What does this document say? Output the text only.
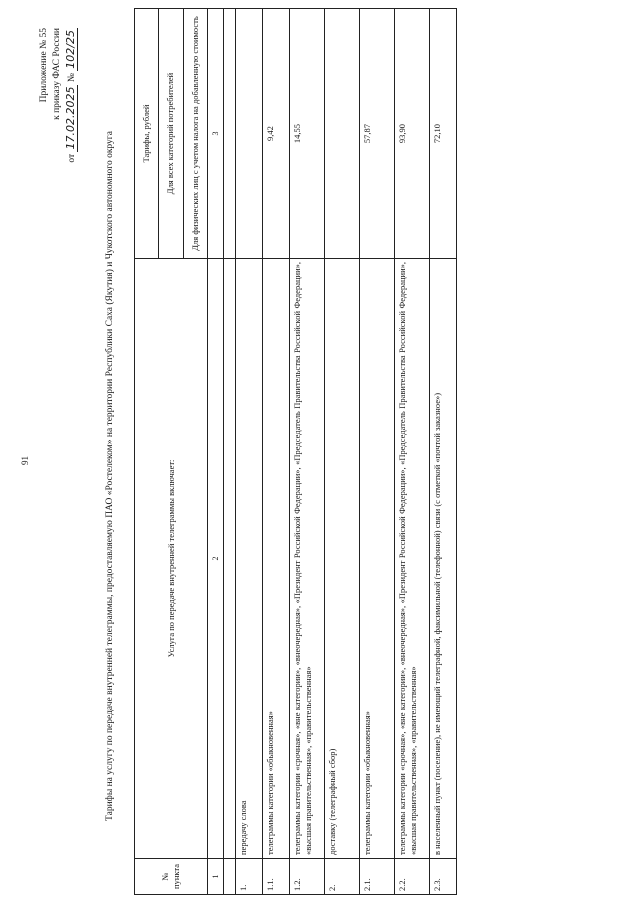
91
Приложение № 55 к приказу ФАС России
от 17.02.2025 № 102/25
Тарифы на услугу по передаче внутренней телеграммы, предоставляемую ПАО «Ростелеком» на территории Республики Саха (Якутия) и Чукотского автономного округа
№
пункта	Услуга по передаче внутренней телеграммы включает:	Тарифы, рублей
		Для всех категорий потребителей
		Для физических лиц с учетом налога на добавленную стоимость
1	2	3

1.	передачу слова	
1.1.	телеграммы категории «обыкновенная»	9,42
1.2.	телеграммы категории «срочная», «вне категории», «внеочередная», «Президент Российской Федерации», «Председатель Правительства Российской Федерации», «высшая правительственная», «правительственная»	14,55
2.	доставку (телеграфный сбор)	
2.1.	телеграммы категории «обыкновенная»	57,87
2.2.	телеграммы категории «срочная», «вне категории», «внеочередная», «Президент Российской Федерации», «Председатель Правительства Российской Федерации», «высшая правительственная», «правительственная»	93,90
2.3.	в населенный пункт (поселение), не имеющий телеграфной, факсимильной (телефонной) связи (с отметкой «почтой заказное»)	72,10
